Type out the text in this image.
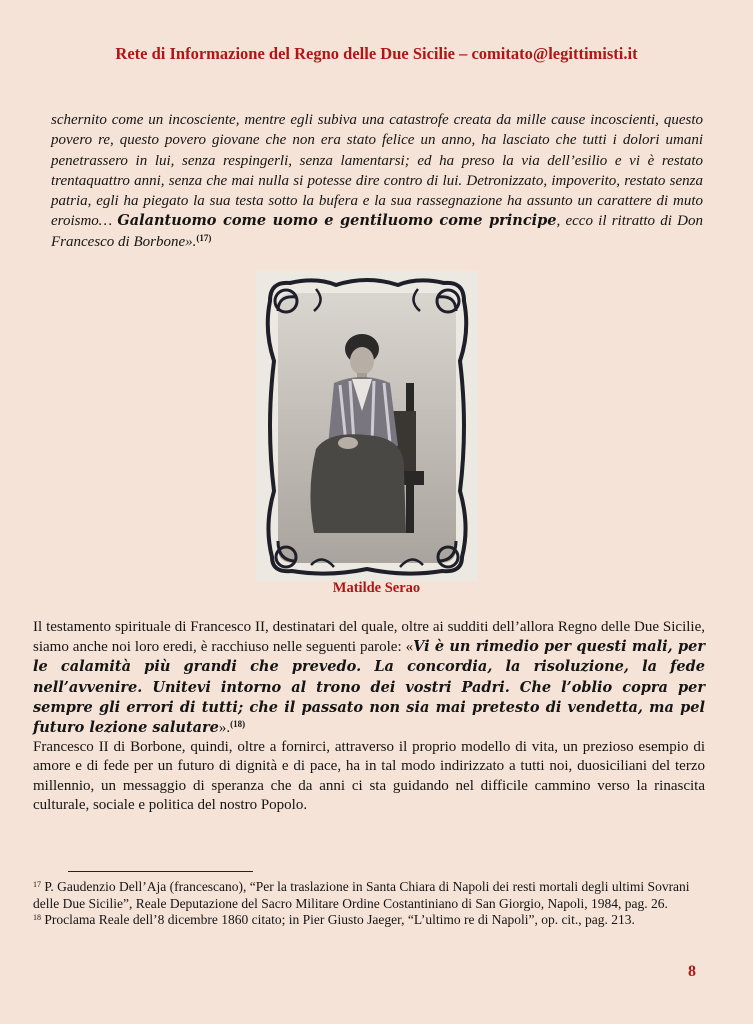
Rete di Informazione del Regno delle Due Sicilie – comitato@legittimisti.it
schernito come un incosciente, mentre egli subiva una catastrofe creata da mille cause incoscienti, questo povero re, questo povero giovane che non era stato felice un anno, ha lasciato che tutti i dolori umani penetrassero in lui, senza respingerli, senza lamentarsi; ed ha preso la via dell’esilio e vi è restato trentaquattro anni, senza che mai nulla si potesse dire contro di lui. Detronizzato, impoverito, restato senza patria, egli ha piegato la sua testa sotto la bufera e la sua rassegnazione ha assunto un carattere di muto eroismo… Galantuomo come uomo e gentiluomo come principe, ecco il ritratto di Don Francesco di Borbone».$^{(17)}$
Matilde Serao

Il testamento spirituale di Francesco II, destinatari del quale, oltre ai sudditi dell’allora Regno delle Due Sicilie, siamo anche noi loro eredi, è racchiuso nelle seguenti parole: «Vi è un rimedio per questi mali, per le calamità più grandi che prevedo. La concordia, la risoluzione, la fede nell’avvenire. Unitevi intorno al trono dei vostri Padri. Che l’oblio copra per sempre gli errori di tutti; che il passato non sia mai pretesto di vendetta, ma pel futuro lezione salutare».$^{(18)}$

Francesco II di Borbone, quindi, oltre a fornirci, attraverso il proprio modello di vita, un prezioso esempio di amore e di fede per un futuro di dignità e di pace, ha in tal modo indirizzato a tutti noi, duosiciliani del terzo millennio, un messaggio di speranza che da anni ci sta guidando nel difficile cammino verso la rinascita culturale, sociale e politica del nostro Popolo.

$^{17}$ P. Gaudenzio Dell’Aja (francescano), “Per la traslazione in Santa Chiara di Napoli dei resti mortali degli ultimi Sovrani delle Due Sicilie”, Reale Deputazione del Sacro Militare Ordine Costantiniano di San Giorgio, Napoli, 1984, pag. 26.

$^{18}$ Proclama Reale dell’8 dicembre 1860 citato; in Pier Giusto Jaeger, “L’ultimo re di Napoli”, op. cit., pag. 213.

8
